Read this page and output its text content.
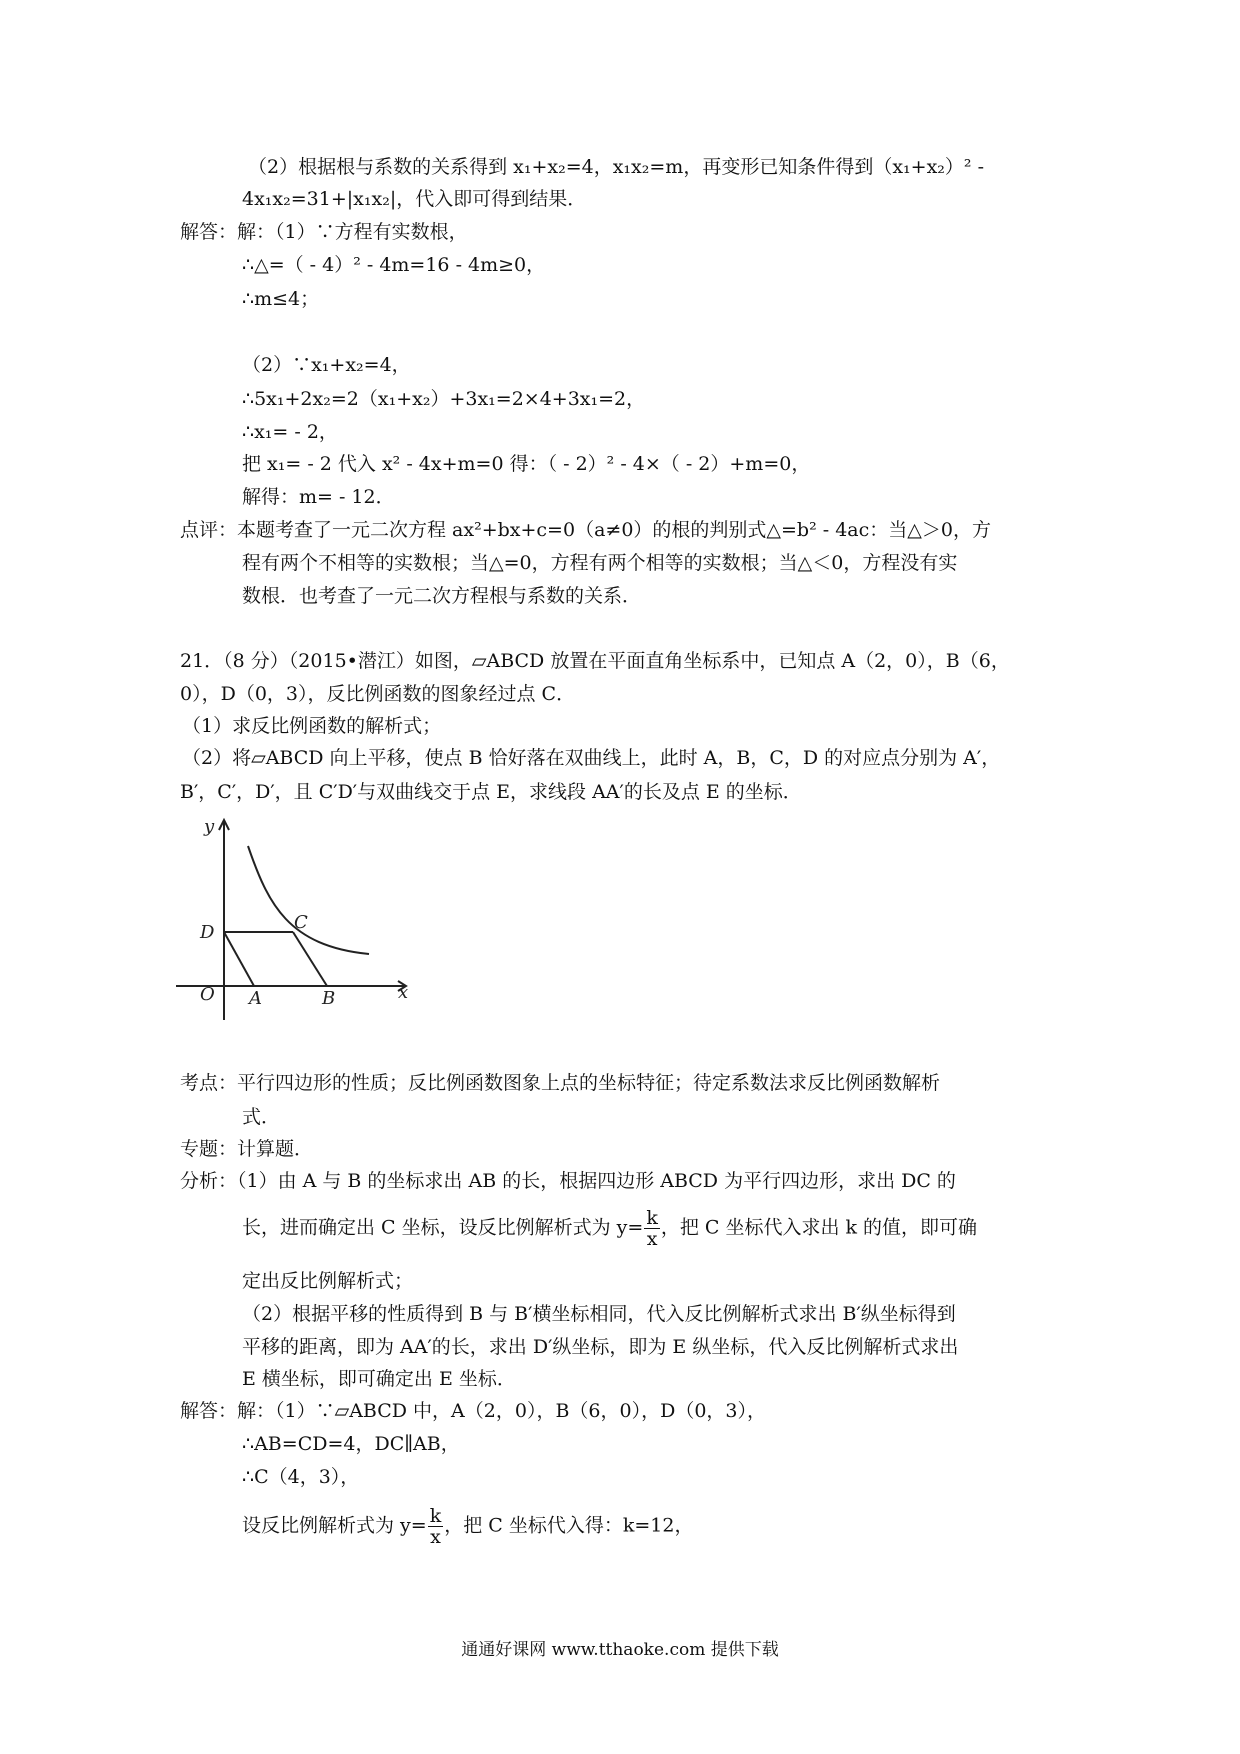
（2）根据根与系数的关系得到 x₁+x₂=4，x₁x₂=m，再变形已知条件得到（x₁+x₂）² -
4x₁x₂=31+|x₁x₂|，代入即可得到结果．
解答：解：（1）∵方程有实数根，
∴△=（ - 4）² - 4m=16 - 4m≥0，
∴m≤4；
（2）∵x₁+x₂=4，
∴5x₁+2x₂=2（x₁+x₂）+3x₁=2×4+3x₁=2，
∴x₁= - 2，
把 x₁= - 2 代入 x² - 4x+m=0 得：（ - 2）² - 4×（ - 2）+m=0，
解得：m= - 12．
点评：本题考查了一元二次方程 ax²+bx+c=0（a≠0）的根的判别式△=b² - 4ac：当△＞0，方
程有两个不相等的实数根；当△=0，方程有两个相等的实数根；当△＜0，方程没有实
数根．也考查了一元二次方程根与系数的关系．
21．（8 分）（2015•潜江）如图，▱ABCD 放置在平面直角坐标系中，已知点 A（2，0），B（6，
0），D（0，3），反比例函数的图象经过点 C．
（1）求反比例函数的解析式；
（2）将▱ABCD 向上平移，使点 B 恰好落在双曲线上，此时 A，B，C，D 的对应点分别为 A′，
B′，C′，D′，且 C′D′与双曲线交于点 E，求线段 AA′的长及点 E 的坐标．
y
x
O
D	C
A	B
考点：平行四边形的性质；反比例函数图象上点的坐标特征；待定系数法求反比例函数解析
式．
专题：计算题．
分析：（1）由 A 与 B 的坐标求出 AB 的长，根据四边形 ABCD 为平行四边形，求出 DC 的
长，进而确定出 C 坐标，设反比例解析式为 $y= \frac{k}{x}$ ，把 C 坐标代入求出 k 的值，即可确
定出反比例解析式；
（2）根据平移的性质得到 B 与 B′横坐标相同，代入反比例解析式求出 B′纵坐标得到
平移的距离，即为 AA′的长，求出 D′纵坐标，即为 E 纵坐标，代入反比例解析式求出
E 横坐标，即可确定出 E 坐标．
解答：解：（1）∵▱ABCD 中，A（2，0），B（6，0），D（0，3），
∴AB=CD=4，DC∥AB，
∴C（4，3），
设反比例解析式为 $y= \frac{k}{x}$ ，把 C 坐标代入得：k=12，
通通好课网 www.tthaoke.com 提供下载
